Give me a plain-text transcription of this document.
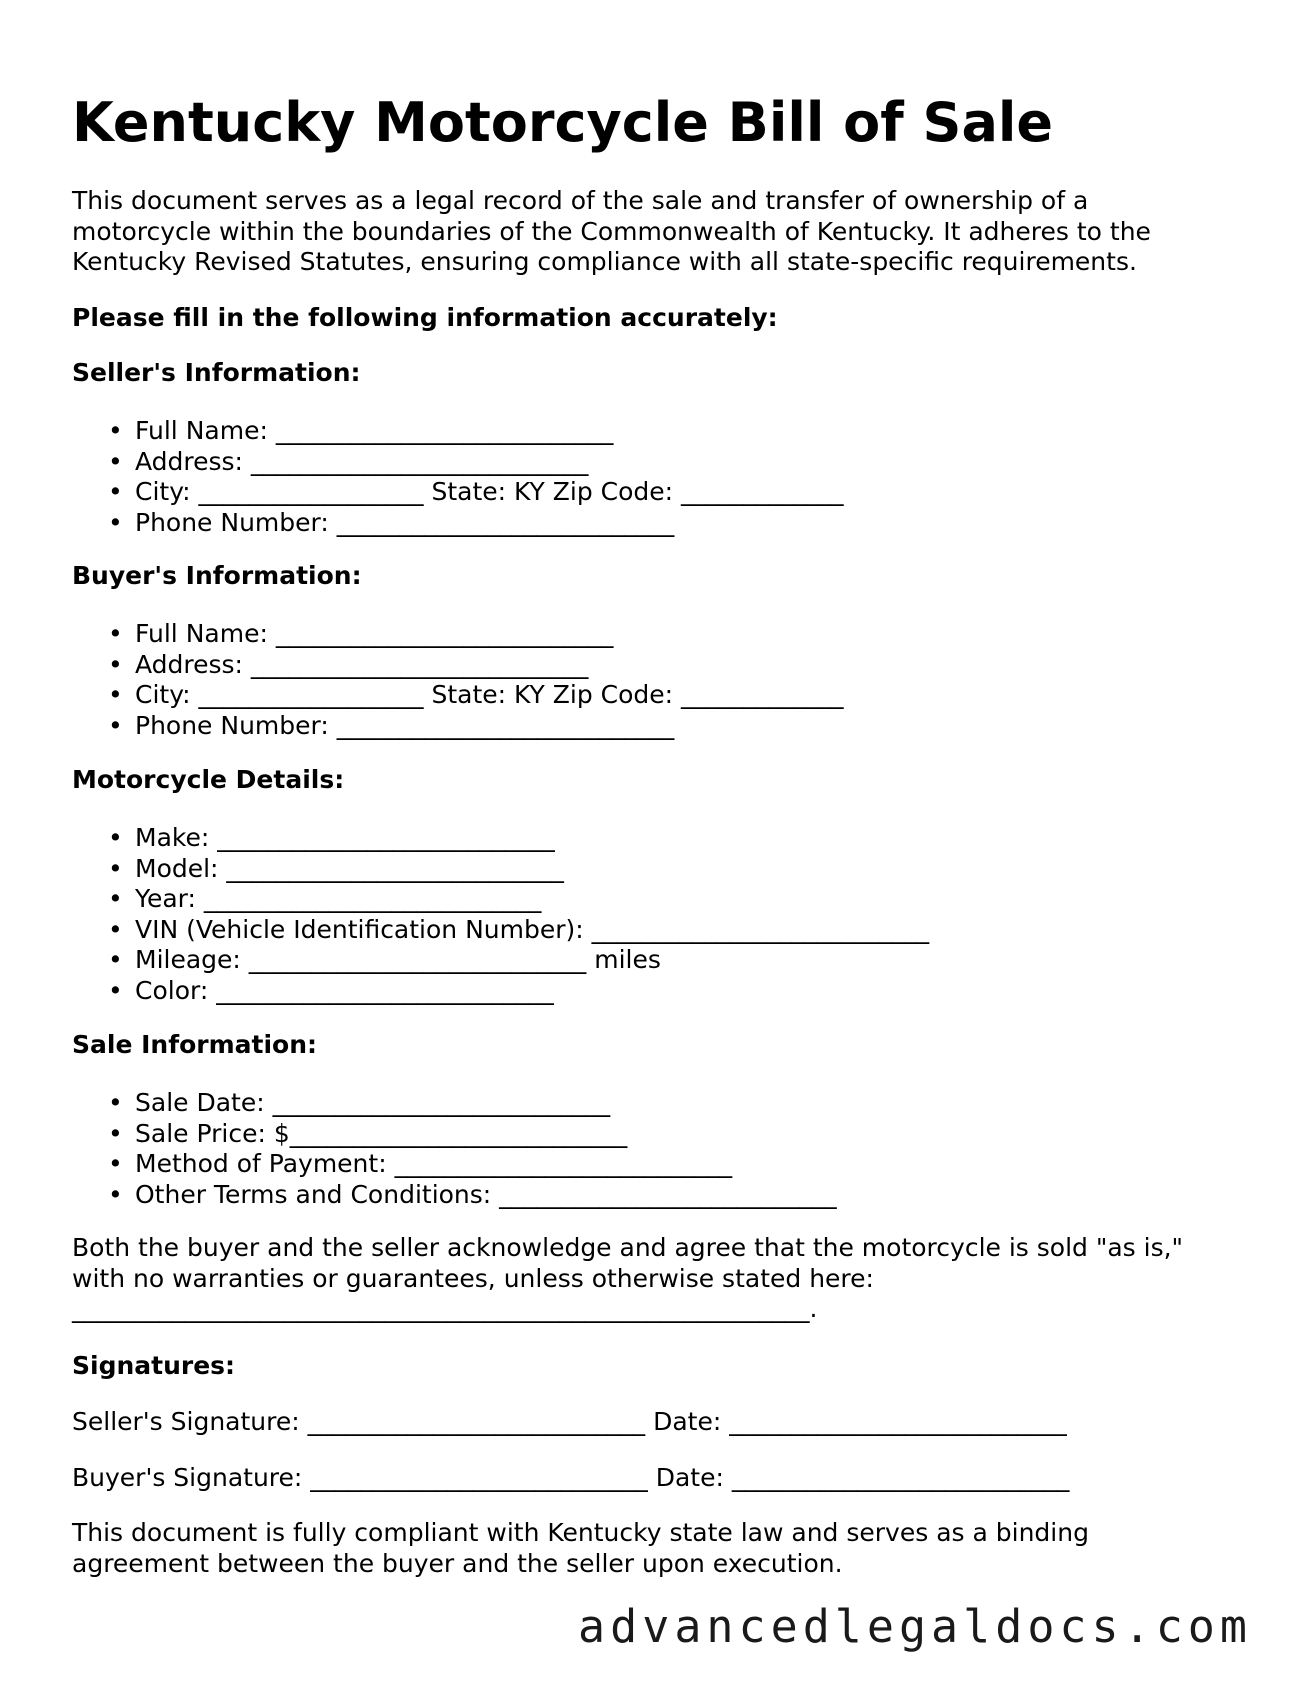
Kentucky Motorcycle Bill of Sale

This document serves as a legal record of the sale and transfer of ownership of a motorcycle within the boundaries of the Commonwealth of Kentucky. It adheres to the Kentucky Revised Statutes, ensuring compliance with all state-specific requirements.

Please fill in the following information accurately:

Seller's Information:

• Full Name: ___________________________
• Address: ___________________________
• City: __________________ State: KY Zip Code: _____________
• Phone Number: ___________________________

Buyer's Information:

• Full Name: ___________________________
• Address: ___________________________
• City: __________________ State: KY Zip Code: _____________
• Phone Number: ___________________________

Motorcycle Details:

• Make: ___________________________
• Model: ___________________________
• Year: ___________________________
• VIN (Vehicle Identification Number): ___________________________
• Mileage: ___________________________ miles
• Color: ___________________________

Sale Information:

• Sale Date: ___________________________
• Sale Price: $___________________________
• Method of Payment: ___________________________
• Other Terms and Conditions: ___________________________

Both the buyer and the seller acknowledge and agree that the motorcycle is sold "as is," with no warranties or guarantees, unless otherwise stated here: ___________________________________________________________.

Signatures:

Seller's Signature: ___________________________ Date: ___________________________
Buyer's Signature: ___________________________ Date: ___________________________

This document is fully compliant with Kentucky state law and serves as a binding agreement between the buyer and the seller upon execution.

advancedlegaldocs.com
